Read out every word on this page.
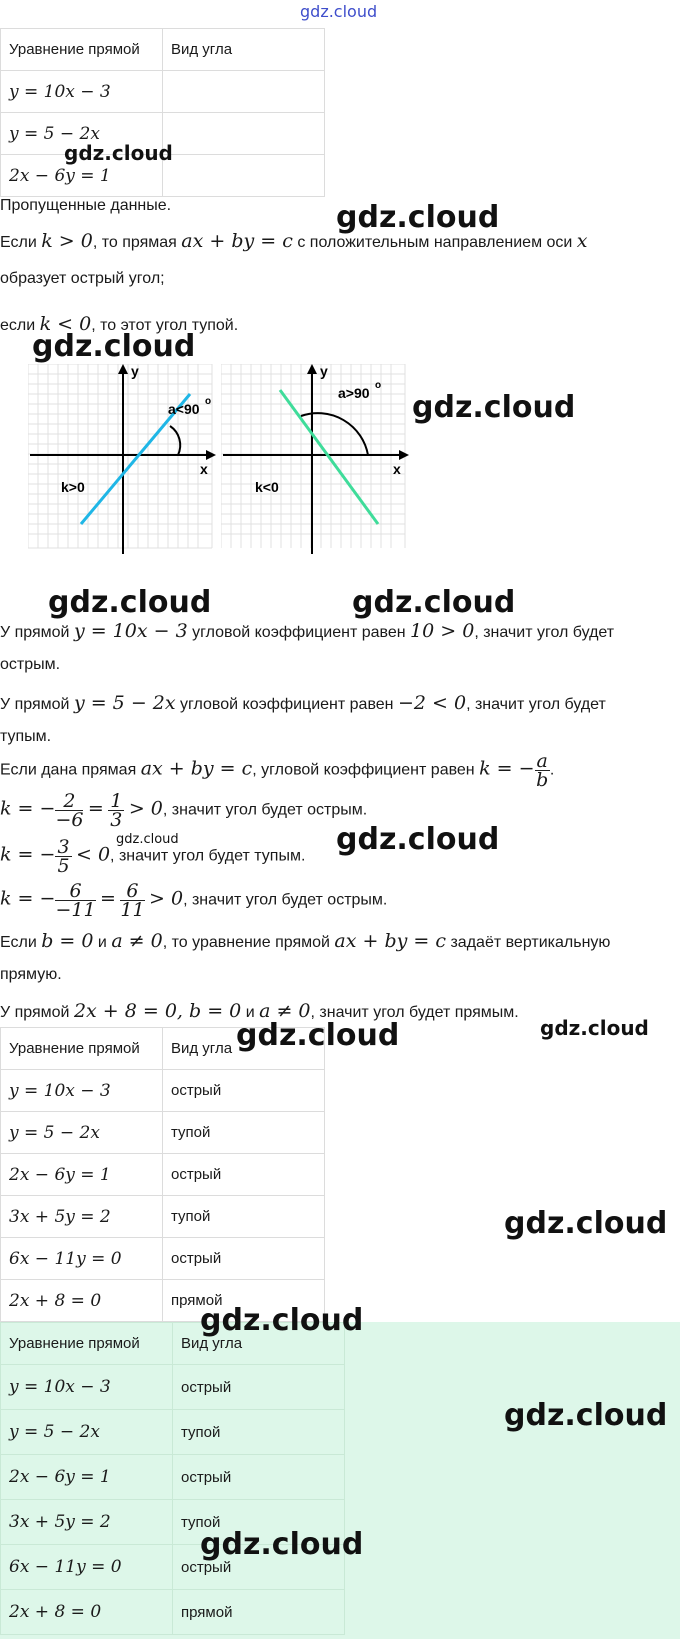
gdz.cloud
Уравнение прямой	Вид угла
y = 10x − 3	
y = 5 − 2x	
2x − 6y = 1	
gdz.cloud
Пропущенные данные.	gdz.cloud
Если k > 0, то прямая ax + by = c с положительным направлением оси x
образует острый угол;
если k < 0, то этот угол тупой.
gdz.cloud
y
x
a<90 o
k>0
y
x
a>90 o
k<0
gdz.cloud
gdz.cloud	gdz.cloud
У прямой y = 10x − 3 угловой коэффициент равен 10 > 0, значит угол будет
острым.
У прямой y = 5 − 2x угловой коэффициент равен −2 < 0, значит угол будет
тупым.
Если дана прямая ax + by = c, угловой коэффициент равен k = − $\frac{a}{b}$ .
k = − $\frac{2}{-6} = \frac{1}{3} > 0$, значит угол будет острым.
k = − $\frac{3}{5} < 0$, значит угол будет тупым.
gdz.cloud	gdz.cloud
k = − $\frac{6}{-11} = \frac{6}{11} > 0$, значит угол будет острым.
Если b = 0 и a ≠ 0, то уравнение прямой ax + by = c задаёт вертикальную
прямую.
У прямой 2x + 8 = 0, b = 0 и a ≠ 0, значит угол будет прямым.
Уравнение прямой	Вид угла
y = 10x − 3	острый
y = 5 − 2x	тупой
2x − 6y = 1	острый
3x + 5y = 2	тупой
6x − 11y = 0	острый
2x + 8 = 0	прямой
gdz.cloud	gdz.cloud
gdz.cloud
Уравнение прямой	Вид угла
y = 10x − 3	острый
y = 5 − 2x	тупой
2x − 6y = 1	острый
3x + 5y = 2	тупой
6x − 11y = 0	острый
2x + 8 = 0	прямой
gdz.cloud
gdz.cloud
gdz.cloud
